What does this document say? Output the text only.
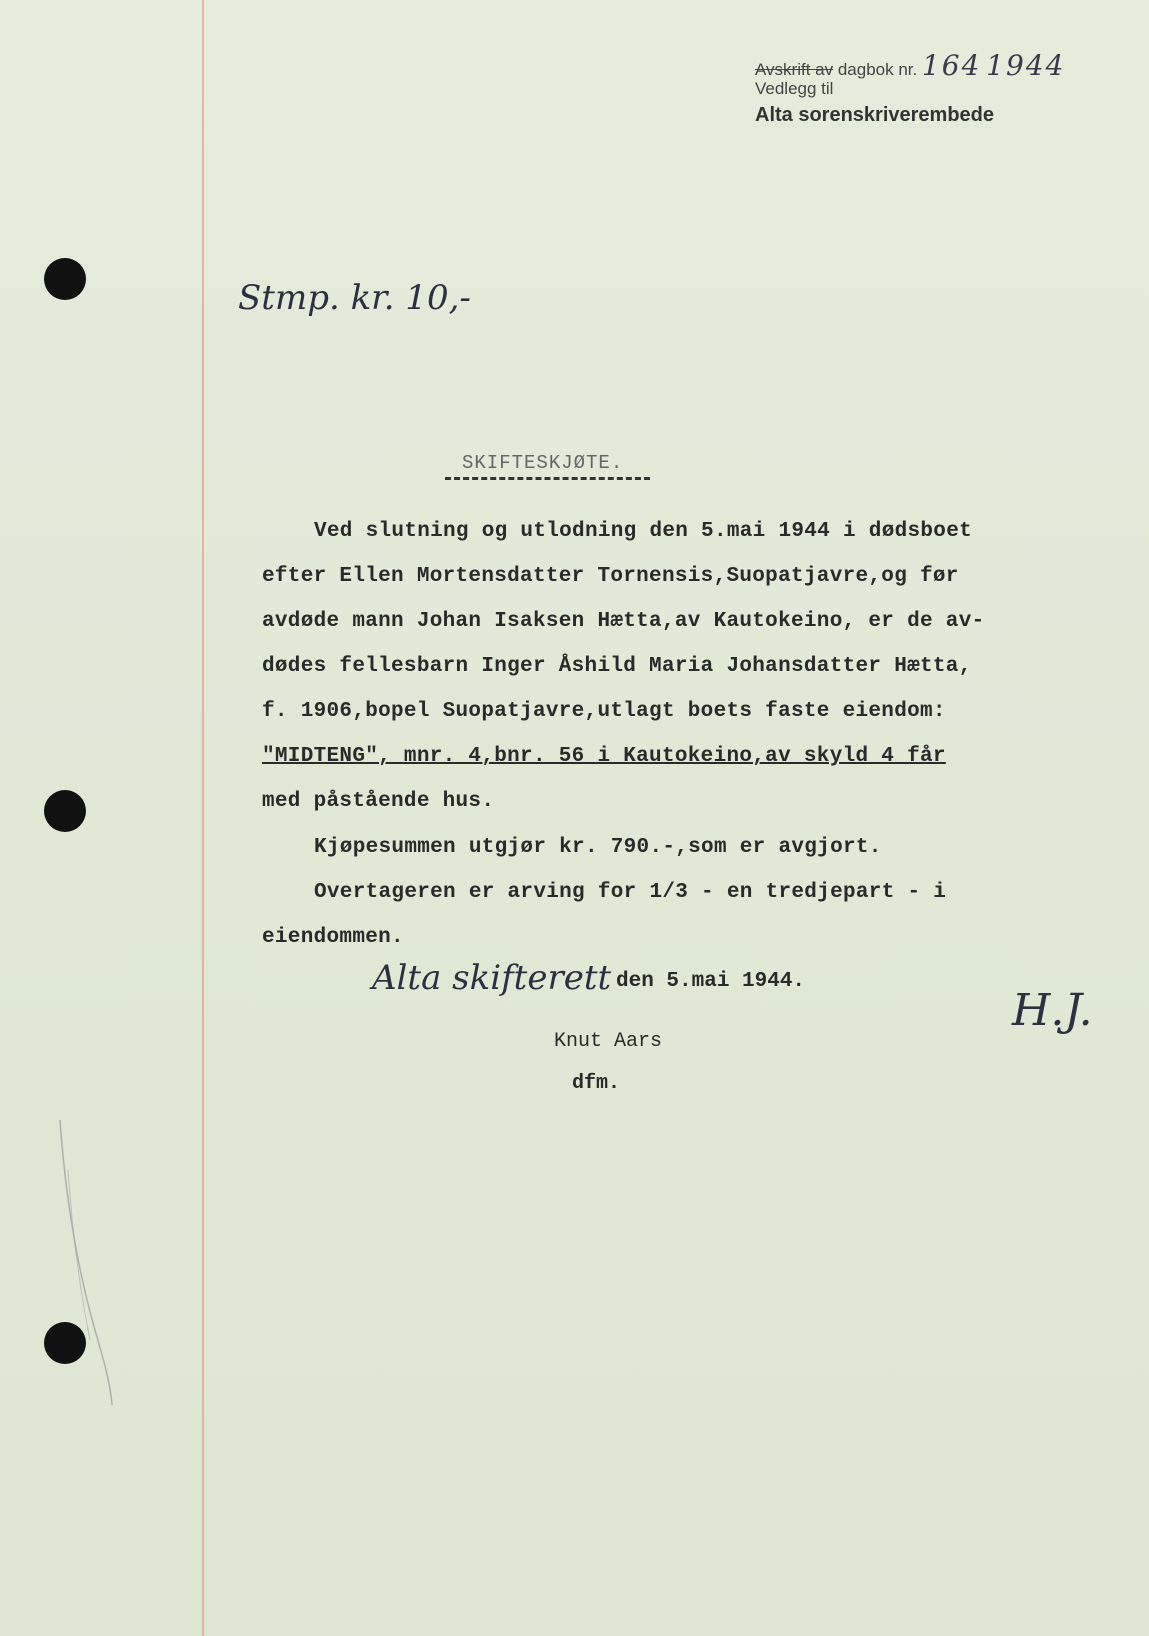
Avskrift av dagbok nr. 164 1944
Vedlegg til
Alta sorenskriverembede
Stmp. kr. 10,-
SKIFTESKJØTE.
Ved slutning og utlodning den 5.mai 1944 i dødsboet
efter Ellen Mortensdatter Tornensis,Suopatjavre,og før
avdøde mann Johan Isaksen Hætta,av Kautokeino, er de av-
dødes fellesbarn Inger Åshild Maria Johansdatter Hætta,
f. 1906,bopel Suopatjavre,utlagt boets faste eiendom:
"MIDTENG", mnr. 4,bnr. 56 i Kautokeino,av skyld 4 får
med påstående hus.
Kjøpesummen utgjør kr. 790.-,som er avgjort.
Overtageren er arving for 1/3 - en tredjepart - i
eiendommen.
Alta skifterett den 5.mai 1944.
Knut Aars
dfm.
H.J.
